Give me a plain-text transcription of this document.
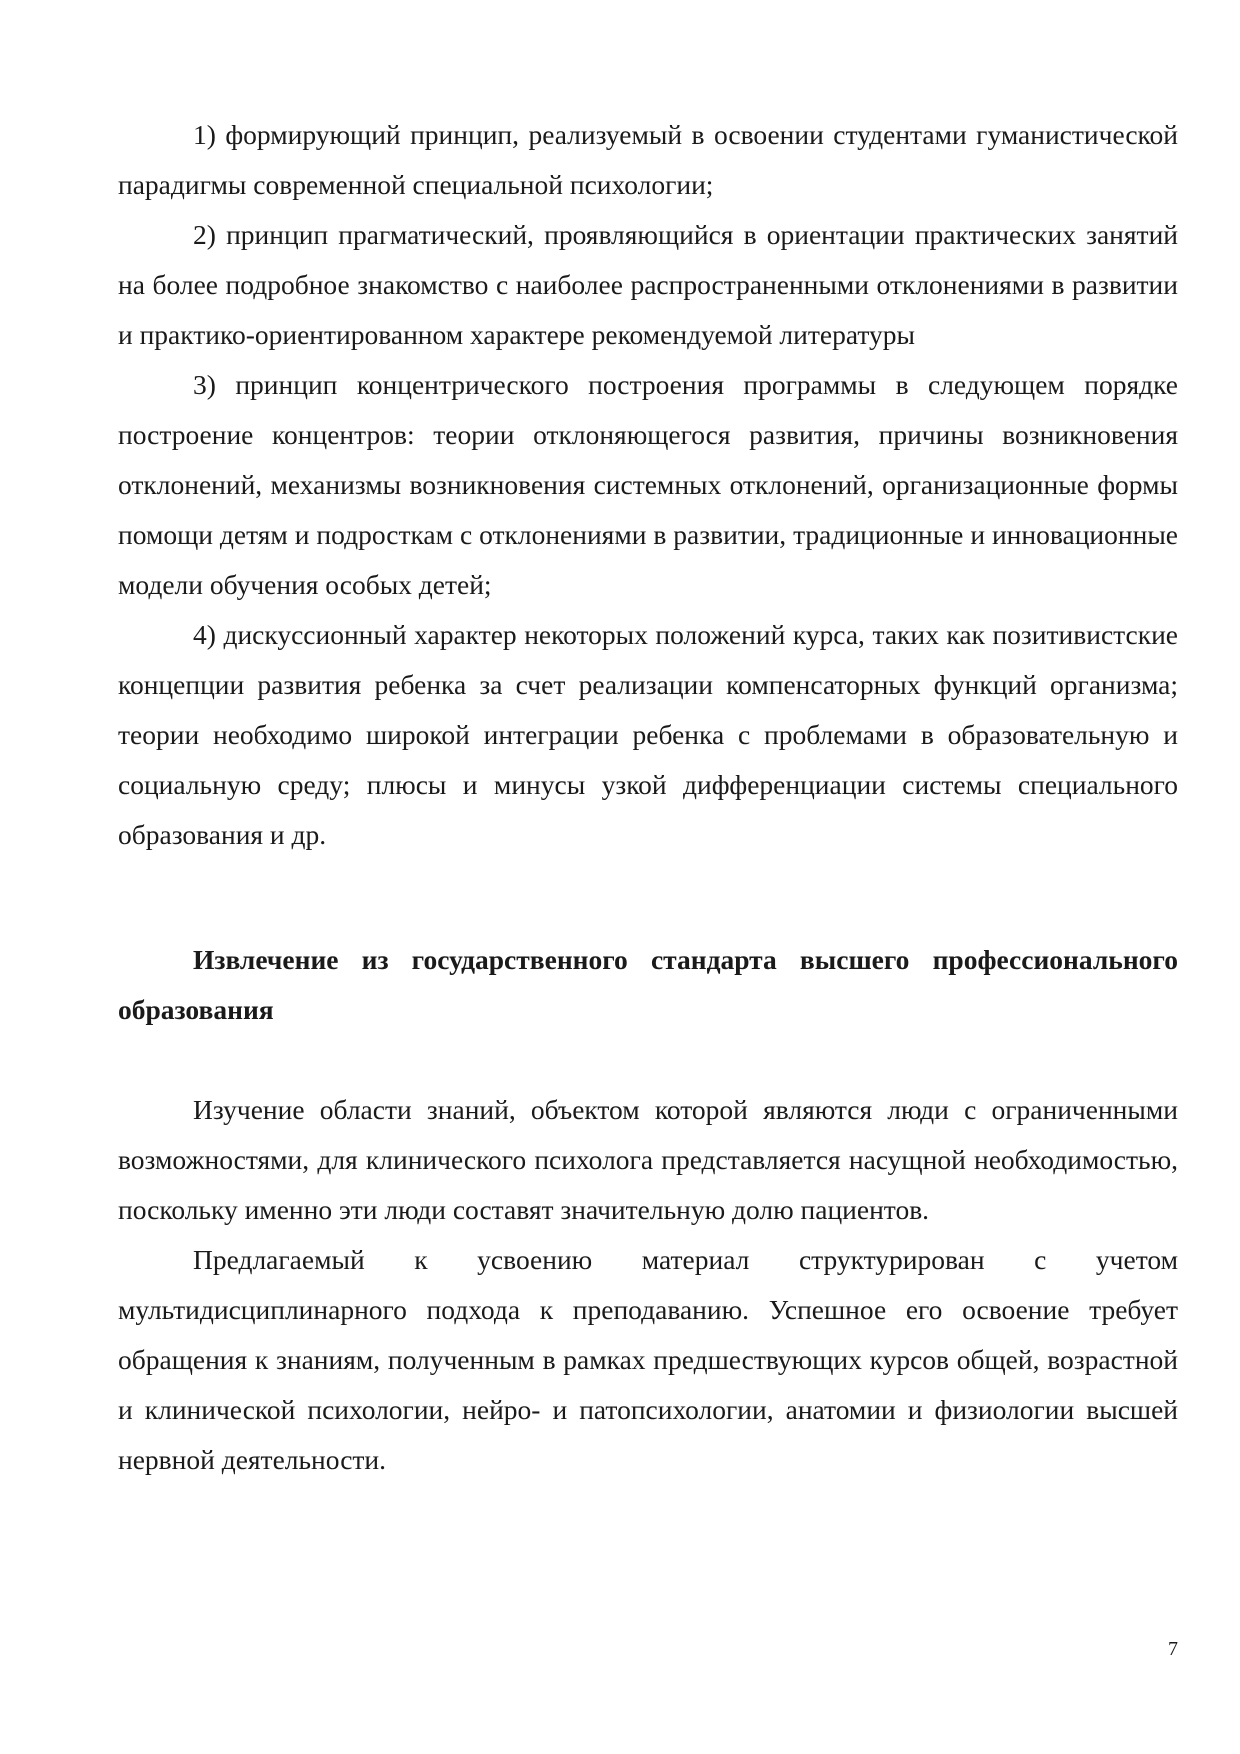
1) формирующий принцип, реализуемый в освоении студентами гуманистической парадигмы современной специальной психологии;

2) принцип прагматический, проявляющийся в ориентации практических занятий на более подробное знакомство с наиболее распространенными отклонениями в развитии и практико-ориентированном характере рекомендуемой литературы

3) принцип концентрического построения программы в следующем порядке построение концентров: теории отклоняющегося развития, причины возникновения отклонений, механизмы возникновения системных отклонений, организационные формы помощи детям и подросткам с отклонениями в развитии, традиционные и инновационные модели обучения особых детей;

4) дискуссионный характер некоторых положений курса, таких как позитивистские концепции развития ребенка за счет реализации компенсаторных функций организма; теории необходимо широкой интеграции ребенка с проблемами в образовательную и социальную среду; плюсы и минусы узкой дифференциации системы специального образования и др.

Извлечение из государственного стандарта высшего профессионального образования

Изучение области знаний, объектом которой являются люди с ограниченными возможностями, для клинического психолога представляется насущной необходимостью, поскольку именно эти люди составят значительную долю пациентов.

Предлагаемый к усвоению материал структурирован с учетом мультидисциплинарного подхода к преподаванию. Успешное его освоение требует обращения к знаниям, полученным в рамках предшествующих курсов общей, возрастной и клинической психологии, нейро- и патопсихологии, анатомии и физиологии высшей нервной деятельности.

7
